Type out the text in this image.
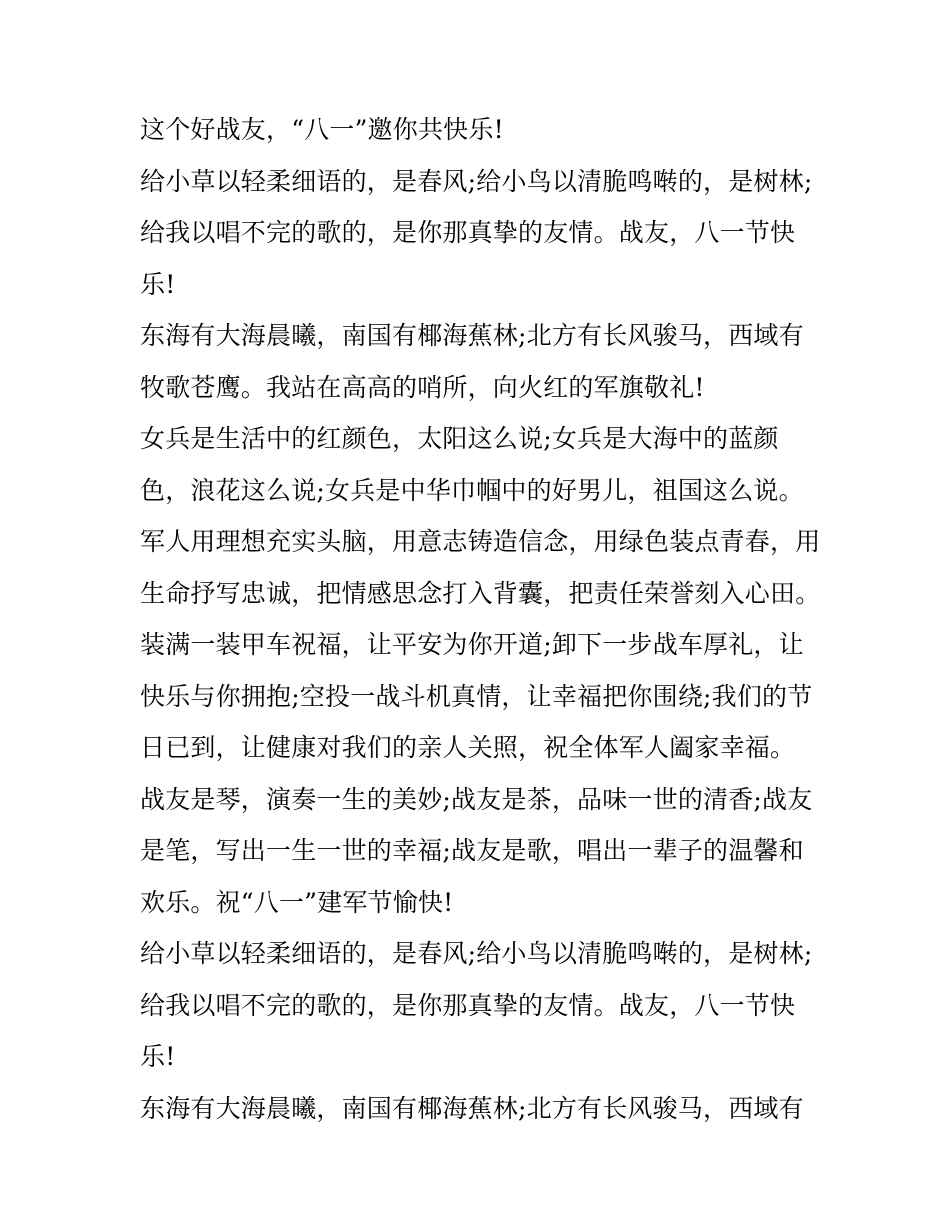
这个好战友，“八一”邀你共快乐!
给小草以轻柔细语的，是春风;给小鸟以清脆鸣啭的，是树林;
给我以唱不完的歌的，是你那真挚的友情。战友，八一节快
乐!
东海有大海晨曦，南国有椰海蕉林;北方有长风骏马，西域有
牧歌苍鹰。我站在高高的哨所，向火红的军旗敬礼!
女兵是生活中的红颜色，太阳这么说;女兵是大海中的蓝颜
色，浪花这么说;女兵是中华巾帼中的好男儿，祖国这么说。
军人用理想充实头脑，用意志铸造信念，用绿色装点青春，用
生命抒写忠诚，把情感思念打入背囊，把责任荣誉刻入心田。
装满一装甲车祝福，让平安为你开道;卸下一步战车厚礼，让
快乐与你拥抱;空投一战斗机真情，让幸福把你围绕;我们的节
日已到，让健康对我们的亲人关照，祝全体军人阖家幸福。
战友是琴，演奏一生的美妙;战友是茶，品味一世的清香;战友
是笔，写出一生一世的幸福;战友是歌，唱出一辈子的温馨和
欢乐。祝“八一”建军节愉快!
给小草以轻柔细语的，是春风;给小鸟以清脆鸣啭的，是树林;
给我以唱不完的歌的，是你那真挚的友情。战友，八一节快
乐!
东海有大海晨曦，南国有椰海蕉林;北方有长风骏马，西域有
